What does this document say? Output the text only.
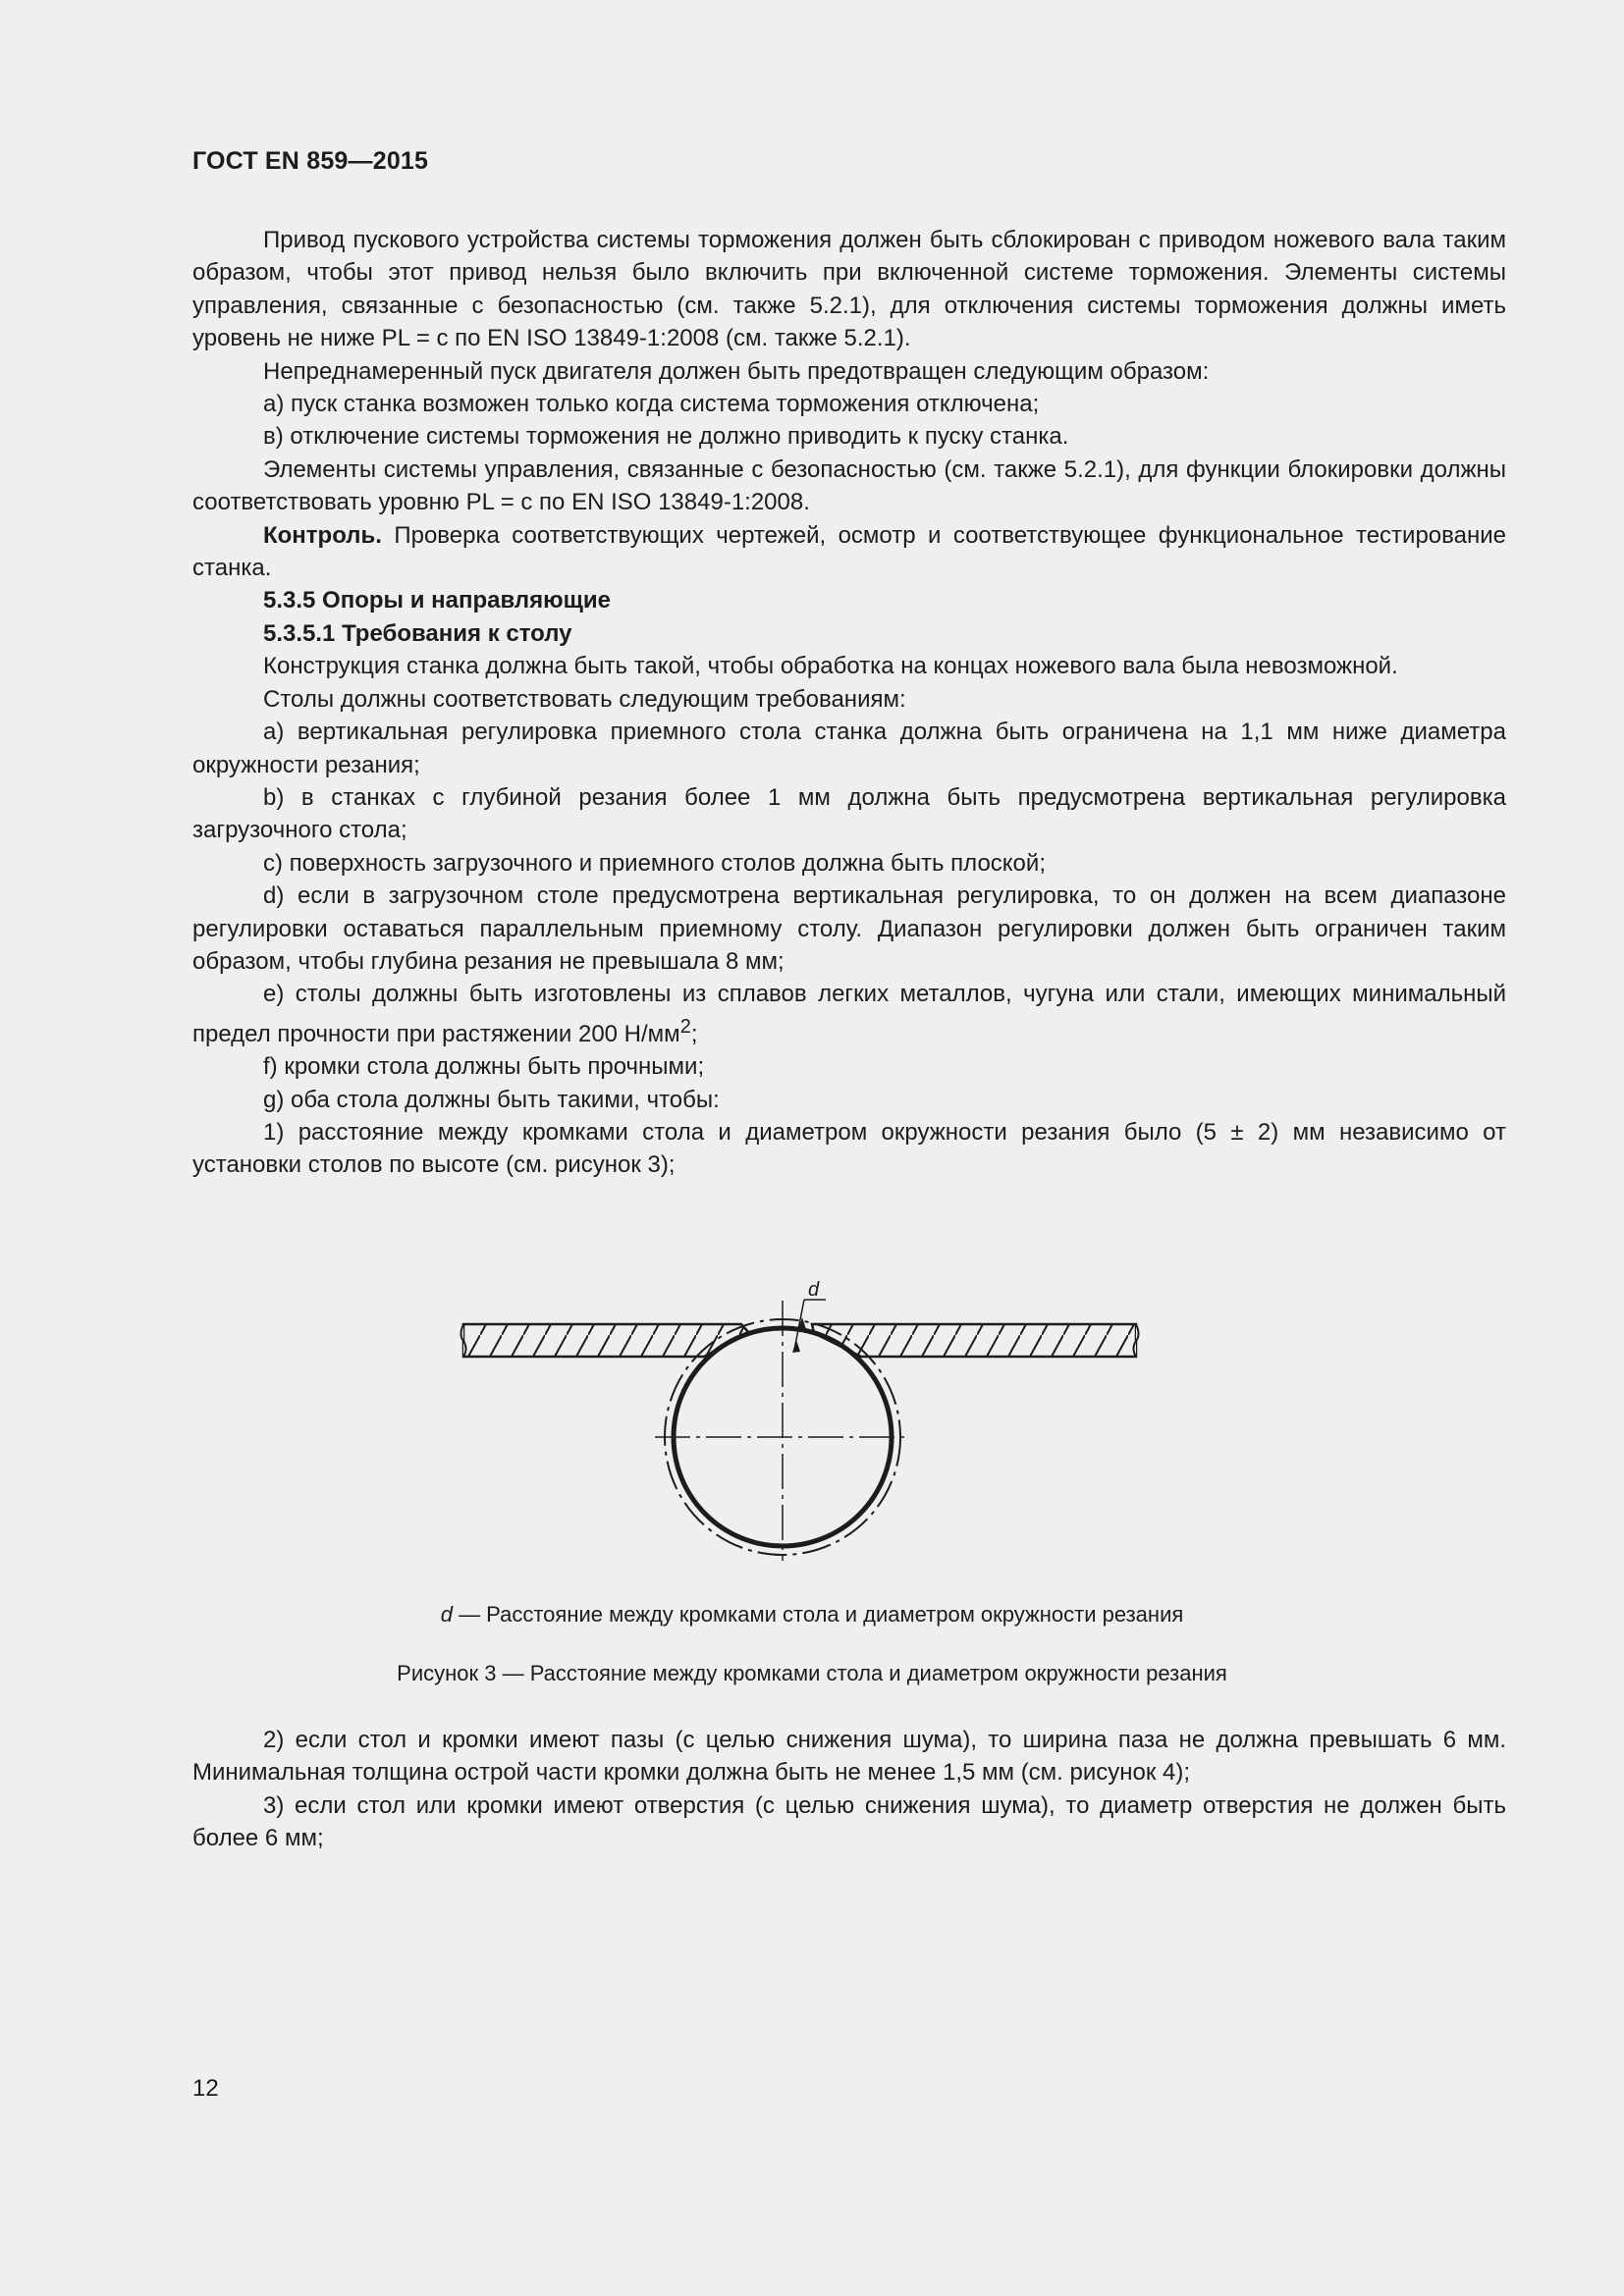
ГОСТ EN 859—2015

Привод пускового устройства системы торможения должен быть сблокирован с приводом ножевого вала таким образом, чтобы этот привод нельзя было включить при включенной системе торможения. Элементы системы управления, связанные с безопасностью (см. также 5.2.1), для отключения системы торможения должны иметь уровень не ниже PL = c по EN ISO 13849-1:2008 (см. также 5.2.1).

Непреднамеренный пуск двигателя должен быть предотвращен следующим образом:

а) пуск станка возможен только когда система торможения отключена;

в) отключение системы торможения не должно приводить к пуску станка.

Элементы системы управления, связанные с безопасностью (см. также 5.2.1), для функции блокировки должны соответствовать уровню PL = c по EN ISO 13849-1:2008.

Контроль. Проверка соответствующих чертежей, осмотр и соответствующее функциональное тестирование станка.

5.3.5 Опоры и направляющие

5.3.5.1 Требования к столу

Конструкция станка должна быть такой, чтобы обработка на концах ножевого вала была невозможной.

Столы должны соответствовать следующим требованиям:

a) вертикальная регулировка приемного стола станка должна быть ограничена на 1,1 мм ниже диаметра окружности резания;

b) в станках с глубиной резания более 1 мм должна быть предусмотрена вертикальная регулировка загрузочного стола;

c) поверхность загрузочного и приемного столов должна быть плоской;

d) если в загрузочном столе предусмотрена вертикальная регулировка, то он должен на всем диапазоне регулировки оставаться параллельным приемному столу. Диапазон регулировки должен быть ограничен таким образом, чтобы глубина резания не превышала 8 мм;

e) столы должны быть изготовлены из сплавов легких металлов, чугуна или стали, имеющих минимальный предел прочности при растяжении 200 $Н/мм^2$;

f) кромки стола должны быть прочными;

g) оба стола должны быть такими, чтобы:

1) расстояние между кромками стола и диаметром окружности резания было (5 ± 2) мм независимо от установки столов по высоте (см. рисунок 3);

d
d — Расстояние между кромками стола и диаметром окружности резания
Рисунок 3 — Расстояние между кромками стола и диаметром окружности резания

2) если стол и кромки имеют пазы (с целью снижения шума), то ширина паза не должна превышать 6 мм. Минимальная толщина острой части кромки должна быть не менее 1,5 мм (см. рисунок 4);

3) если стол или кромки имеют отверстия (с целью снижения шума), то диаметр отверстия не должен быть более 6 мм;

12
